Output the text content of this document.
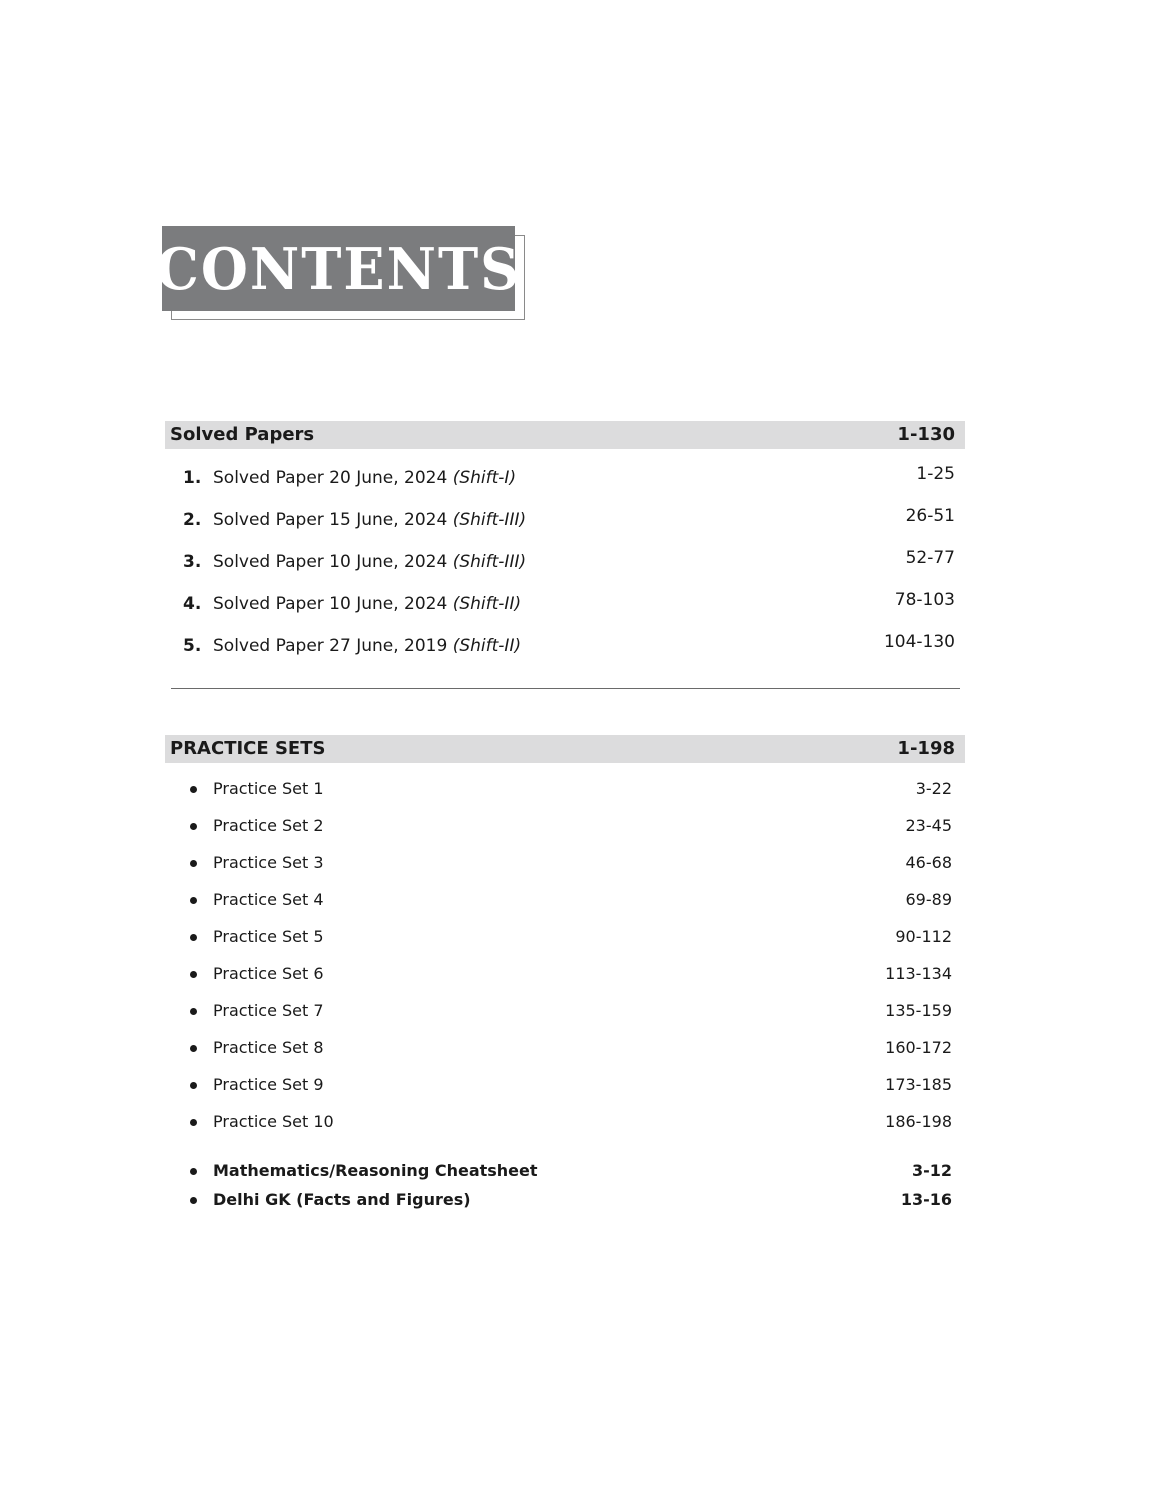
CONTENTS
Solved Papers	1-130
1. Solved Paper 20 June, 2024 (Shift-I)	1-25
2. Solved Paper 15 June, 2024 (Shift-III)	26-51
3. Solved Paper 10 June, 2024 (Shift-III)	52-77
4. Solved Paper 10 June, 2024 (Shift-II)	78-103
5. Solved Paper 27 June, 2019 (Shift-II)	104-130
PRACTICE SETS	1-198
Practice Set 1	3-22
Practice Set 2	23-45
Practice Set 3	46-68
Practice Set 4	69-89
Practice Set 5	90-112
Practice Set 6	113-134
Practice Set 7	135-159
Practice Set 8	160-172
Practice Set 9	173-185
Practice Set 10	186-198
Mathematics/Reasoning Cheatsheet	3-12
Delhi GK (Facts and Figures)	13-16
